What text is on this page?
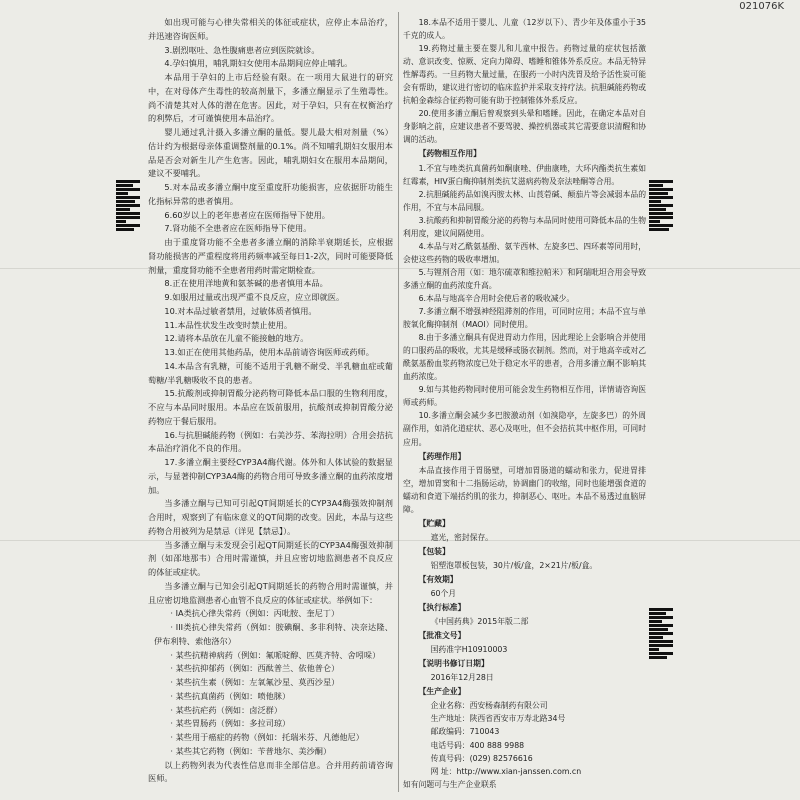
021076K

如出现可能与心律失常相关的体征或症状，应停止本品治疗，并迅速咨询医师。

3.剧烈呕吐、急性腹痛患者应到医院就诊。

4.孕妇慎用，哺乳期妇女使用本品期间应停止哺乳。

本品用于孕妇的上市后经验有限。在一项用大鼠进行的研究中，在对母体产生毒性的较高剂量下，多潘立酮显示了生殖毒性。尚不清楚其对人体的潜在危害。因此，对于孕妇，只有在权衡治疗的利弊后，才可谨慎使用本品治疗。

婴儿通过乳汁摄入多潘立酮的量低。婴儿最大相对剂量（%）估计约为根据母亲体重调整剂量的0.1%。尚不知哺乳期妇女服用本品是否会对新生儿产生危害。因此，哺乳期妇女在服用本品期间，建议不要哺乳。

5.对本品或多潘立酮中度至重度肝功能损害，应依据肝功能生化指标异常的患者慎用。

6.60岁以上的老年患者应在医师指导下使用。

7.肾功能不全患者应在医师指导下使用。

由于重度肾功能不全患者多潘立酮的消除半衰期延长，应根据肾功能损害的严重程度将用药频率减至每日1-2次，同时可能要降低剂量，重度肾功能不全患者用药时需定期检查。

8.正在使用洋地黄和氨茶碱的患者慎用本品。

9.如服用过量或出现严重不良反应，应立即就医。

10.对本品过敏者禁用，过敏体质者慎用。

11.本品性状发生改变时禁止使用。

12.请将本品放在儿童不能接触的地方。

13.如正在使用其他药品，使用本品前请咨询医师或药师。

14.本品含有乳糖，可能不适用于乳糖不耐受、半乳糖血症或葡萄糖/半乳糖吸收不良的患者。

15.抗酸剂或抑制胃酸分泌药物可降低本品口服的生物利用度，不应与本品同时服用。本品应在饭前服用，抗酸剂或抑制胃酸分泌药物应于餐后服用。

16.与抗胆碱能药物（例如：右美沙芬、苯海拉明）合用会拮抗本品治疗消化不良的作用。

17.多潘立酮主要经CYP3A4酶代谢。体外和人体试验的数据显示，与显著抑制CYP3A4酶的药物合用可导致多潘立酮的血药浓度增加。

当多潘立酮与已知可引起QT间期延长的CYP3A4酶强效抑制剂合用时，观察到了有临床意义的QT间期的改变。因此，本品与这些药物合用被列为是禁忌（详见【禁忌】）。

当多潘立酮与未发现会引起QT间期延长的CYP3A4酶强效抑制剂（如邵地那韦）合用时需谨慎，并且应密切地监测患者不良反应的体征或症状。

当多潘立酮与已知会引起QT间期延长的药物合用时需谨慎，并且应密切地监测患者心血管不良反应的体征或症状。举例如下：

· IA类抗心律失常药（例如：丙吡胺、奎尼丁）

· III类抗心律失常药（例如：胺碘酮、多非利特、决奈达隆、伊布利特、索他洛尔）

· 某些抗精神病药（例如：氟哌啶醇、匹莫齐特、舍吲哚）

· 某些抗抑郁药（例如：西酞普兰、依他普仑）

· 某些抗生素（例如：左氧氟沙星、莫西沙星）

· 某些抗真菌药（例如：喷他脒）

· 某些抗疟药（例如：卤泛群）

· 某些胃肠药（例如：多拉司琼）

· 某些用于癌症的药物（例如：托瑞米芬、凡德他尼）

· 某些其它药物（例如：苄普地尔、美沙酮）

以上药物列表为代表性信息而非全部信息。合并用药前请咨询医师。

18.本品不适用于婴儿、儿童（12岁以下）、青少年及体重小于35千克的成人。

19.药物过量主要在婴儿和儿童中报告。药物过量的症状包括激动、意识改变、惊厥、定向力障碍、嗜睡和锥体外系反应。本品无特异性解毒药。一旦药物大量过量，在服药一小时内洗胃及给予活性炭可能会有帮助，建议进行密切的临床监护并采取支持疗法。抗胆碱能药物或抗帕金森综合征药物可能有助于控制锥体外系反应。

20.使用多潘立酮后曾观察到头晕和嗜睡。因此，在确定本品对自身影响之前，应建议患者不要驾驶、操控机器或其它需要意识清醒和协调的活动。

【药物相互作用】

1.不宜与唑类抗真菌药如酮康唑、伊曲康唑，大环内酯类抗生素如红霉素，HIV蛋白酶抑制剂类抗艾滋病药物及奈法唑酮等合用。

2.抗胆碱能药品如溴丙胺太林、山莨菪碱、颠茄片等会减弱本品的作用，不宜与本品同服。

3.抗酸药和抑制胃酸分泌的药物与本品同时使用可降低本品的生物利用度，建议间隔使用。

4.本品与对乙酰氨基酚、氨苄西林、左旋多巴、四环素等同用时，会使这些药物的吸收率增加。

5.与锂剂合用（如：地尔硫䓬和维拉帕米）和阿瑞吡坦合用会导致多潘立酮的血药浓度升高。

6.本品与地高辛合用时会使后者的吸收减少。

7.多潘立酮不增强神经阻滞剂的作用，可同时应用；本品不宜与单胺氧化酶抑制剂（MAOI）同时使用。

8.由于多潘立酮具有促进胃动力作用，因此理论上会影响合并使用的口服药品的吸收，尤其是缓释或肠衣制剂。然而，对于地高辛或对乙酰氨基酚血浆药物浓度已处于稳定水平的患者，合用多潘立酮不影响其血药浓度。

9.如与其他药物同时使用可能会发生药物相互作用，详情请咨询医师或药师。

10.多潘立酮会减少多巴胺激动剂（如溴隐亭，左旋多巴）的外周副作用，如消化道症状、恶心及呕吐，但不会拮抗其中枢作用，可同时应用。

【药理作用】

本品直接作用于胃肠壁，可增加胃肠道的蠕动和张力，促进胃排空，增加胃窦和十二指肠运动，协调幽门的收缩，同时也能增强食道的蠕动和食道下端括约肌的张力，抑制恶心、呕吐。本品不易透过血脑屏障。

【贮藏】

遮光，密封保存。

【包装】

铝塑泡罩板包装，30片/板/盒，2×21片/板/盒。

【有效期】

60个月

【执行标准】

《中国药典》2015年版二部

【批准文号】

国药准字H10910003

【说明书修订日期】

2016年12月28日

【生产企业】

企业名称：西安杨森制药有限公司

生产地址：陕西省西安市万寿北路34号

邮政编码：710043

电话号码：400 888 9988

传真号码：(029) 82576616

网 址：http://www.xian-janssen.com.cn

如有问题可与生产企业联系
